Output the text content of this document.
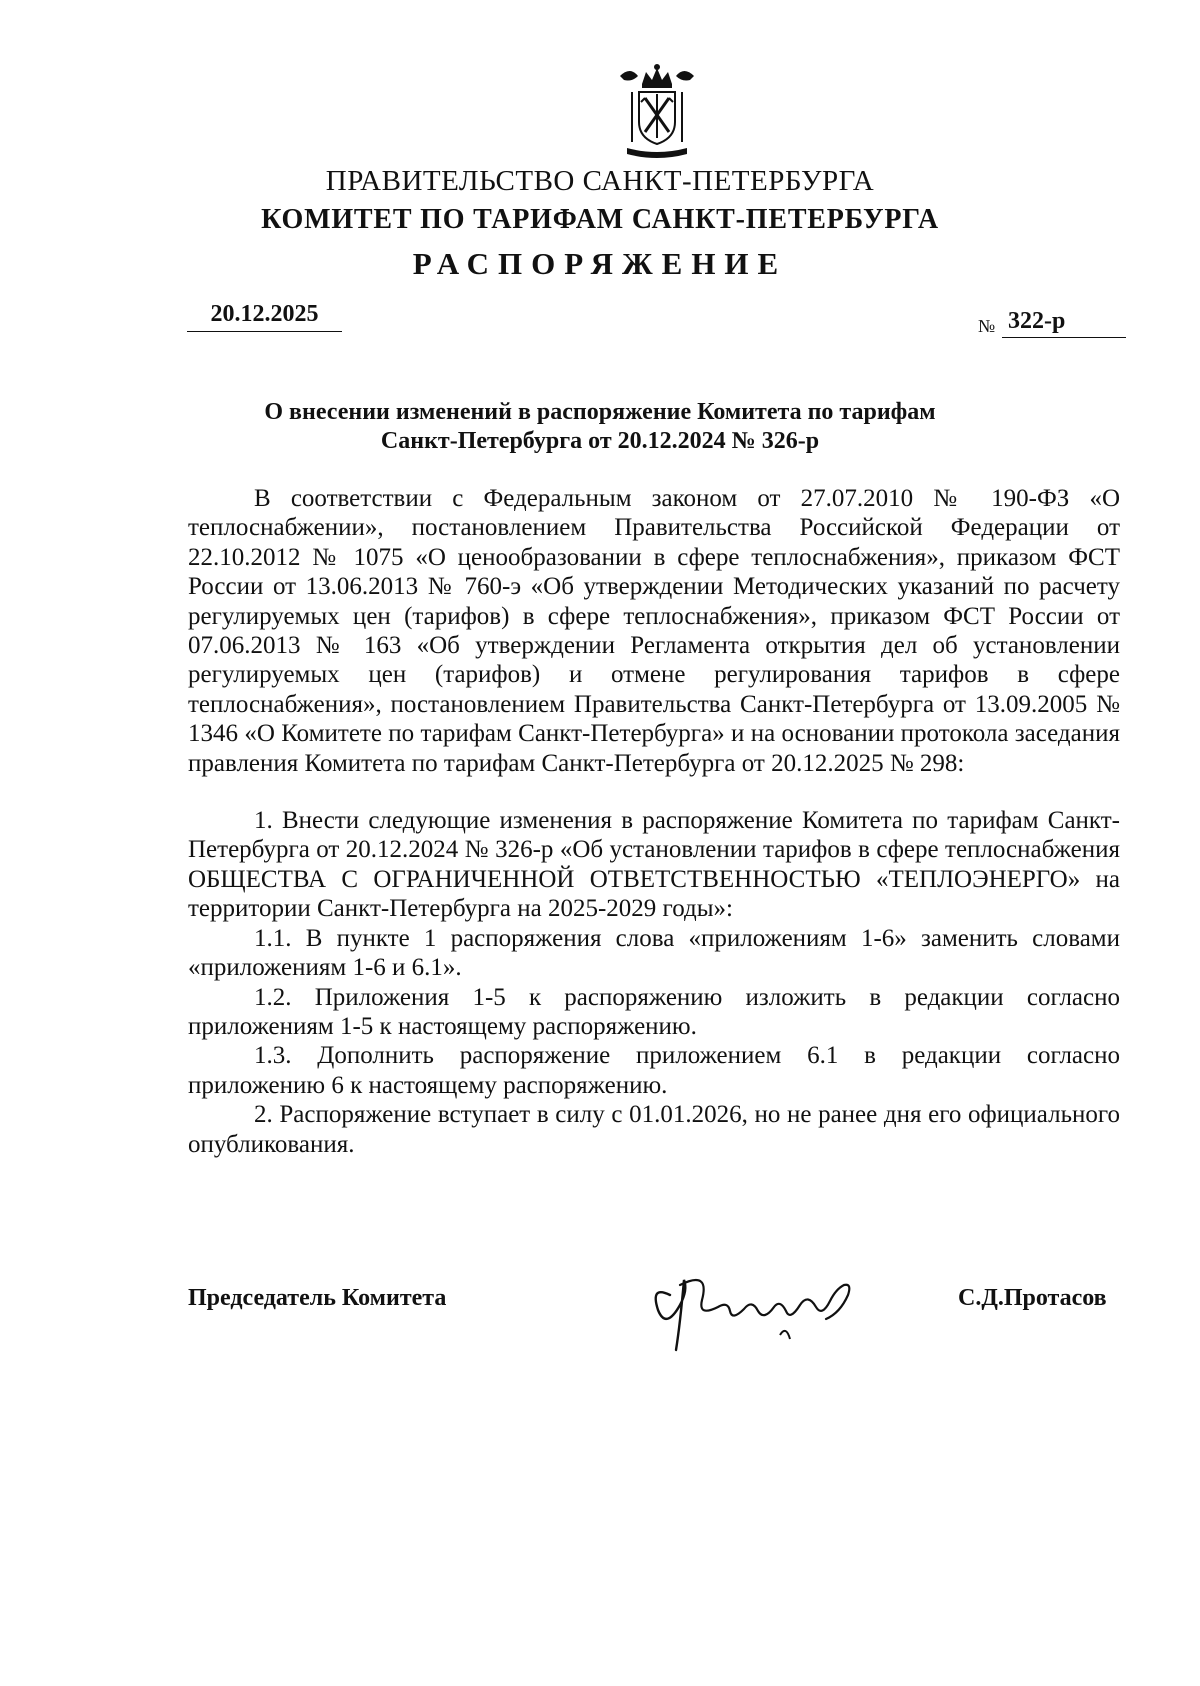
ПРАВИТЕЛЬСТВО САНКТ-ПЕТЕРБУРГА
КОМИТЕТ ПО ТАРИФАМ САНКТ-ПЕТЕРБУРГА
РАСПОРЯЖЕНИЕ
20.12.2025	№ 322-р
О внесении изменений в распоряжение Комитета по тарифам
Санкт-Петербурга от 20.12.2024 № 326-р

В соответствии с Федеральным законом от 27.07.2010 № 190-ФЗ «О теплоснабжении», постановлением Правительства Российской Федерации от 22.10.2012 № 1075 «О ценообразовании в сфере теплоснабжения», приказом ФСТ России от 13.06.2013 № 760-э «Об утверждении Методических указаний по расчету регулируемых цен (тарифов) в сфере теплоснабжения», приказом ФСТ России от 07.06.2013 № 163 «Об утверждении Регламента открытия дел об установлении регулируемых цен (тарифов) и отмене регулирования тарифов в сфере теплоснабжения», постановлением Правительства Санкт-Петербурга от 13.09.2005 № 1346 «О Комитете по тарифам Санкт-Петербурга» и на основании протокола заседания правления Комитета по тарифам Санкт-Петербурга от 20.12.2025 № 298:

1. Внести следующие изменения в распоряжение Комитета по тарифам Санкт-Петербурга от 20.12.2024 № 326-р «Об установлении тарифов в сфере теплоснабжения ОБЩЕСТВА С ОГРАНИЧЕННОЙ ОТВЕТСТВЕННОСТЬЮ «ТЕПЛОЭНЕРГО» на территории Санкт-Петербурга на 2025-2029 годы»:

1.1. В пункте 1 распоряжения слова «приложениям 1-6» заменить словами «приложениям 1-6 и 6.1».

1.2. Приложения 1-5 к распоряжению изложить в редакции согласно приложениям 1-5 к настоящему распоряжению.

1.3. Дополнить распоряжение приложением 6.1 в редакции согласно приложению 6 к настоящему распоряжению.

2. Распоряжение вступает в силу с 01.01.2026, но не ранее дня его официального опубликования.

Председатель Комитета	С.Д.Протасов
